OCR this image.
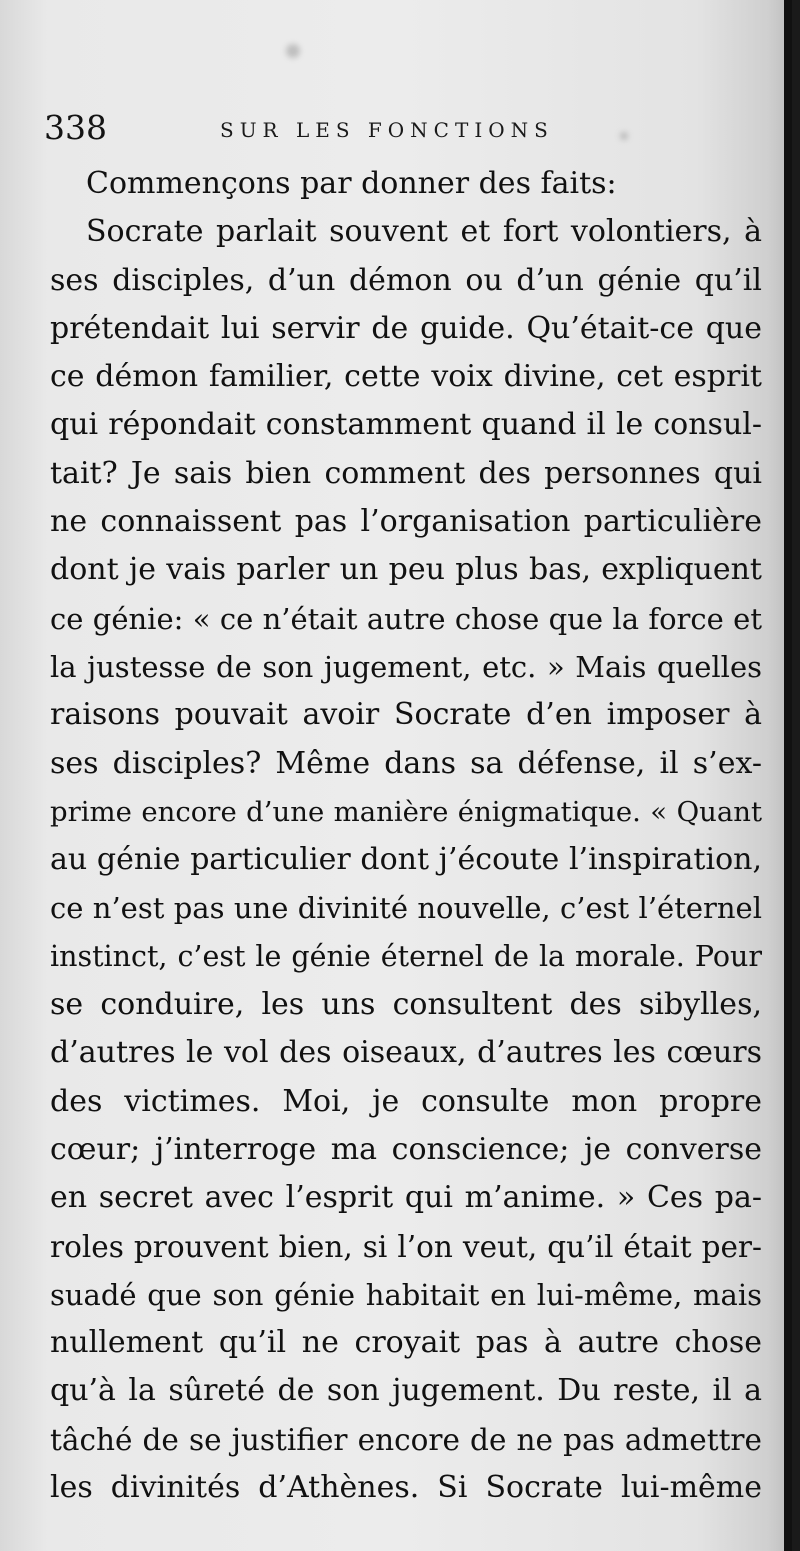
338	SUR LES FONCTIONS
Commençons par donner des faits:
Socrate parlait souvent et fort volontiers, à
ses disciples, d’un démon ou d’un génie qu’il
prétendait lui servir de guide. Qu’était-ce que
ce démon familier, cette voix divine, cet esprit
qui répondait constamment quand il le consul-
tait? Je sais bien comment des personnes qui
ne connaissent pas l’organisation particulière
dont je vais parler un peu plus bas, expliquent
ce génie: « ce n’était autre chose que la force et
la justesse de son jugement, etc. » Mais quelles
raisons pouvait avoir Socrate d’en imposer à
ses disciples? Même dans sa défense, il s’ex-
prime encore d’une manière énigmatique. « Quant
au génie particulier dont j’écoute l’inspiration,
ce n’est pas une divinité nouvelle, c’est l’éternel
instinct, c’est le génie éternel de la morale. Pour
se conduire, les uns consultent des sibylles,
d’autres le vol des oiseaux, d’autres les cœurs
des victimes. Moi, je consulte mon propre
cœur; j’interroge ma conscience; je converse
en secret avec l’esprit qui m’anime. » Ces pa-
roles prouvent bien, si l’on veut, qu’il était per-
suadé que son génie habitait en lui-même, mais
nullement qu’il ne croyait pas à autre chose
qu’à la sûreté de son jugement. Du reste, il a
tâché de se justifier encore de ne pas admettre
les divinités d’Athènes. Si Socrate lui-même
